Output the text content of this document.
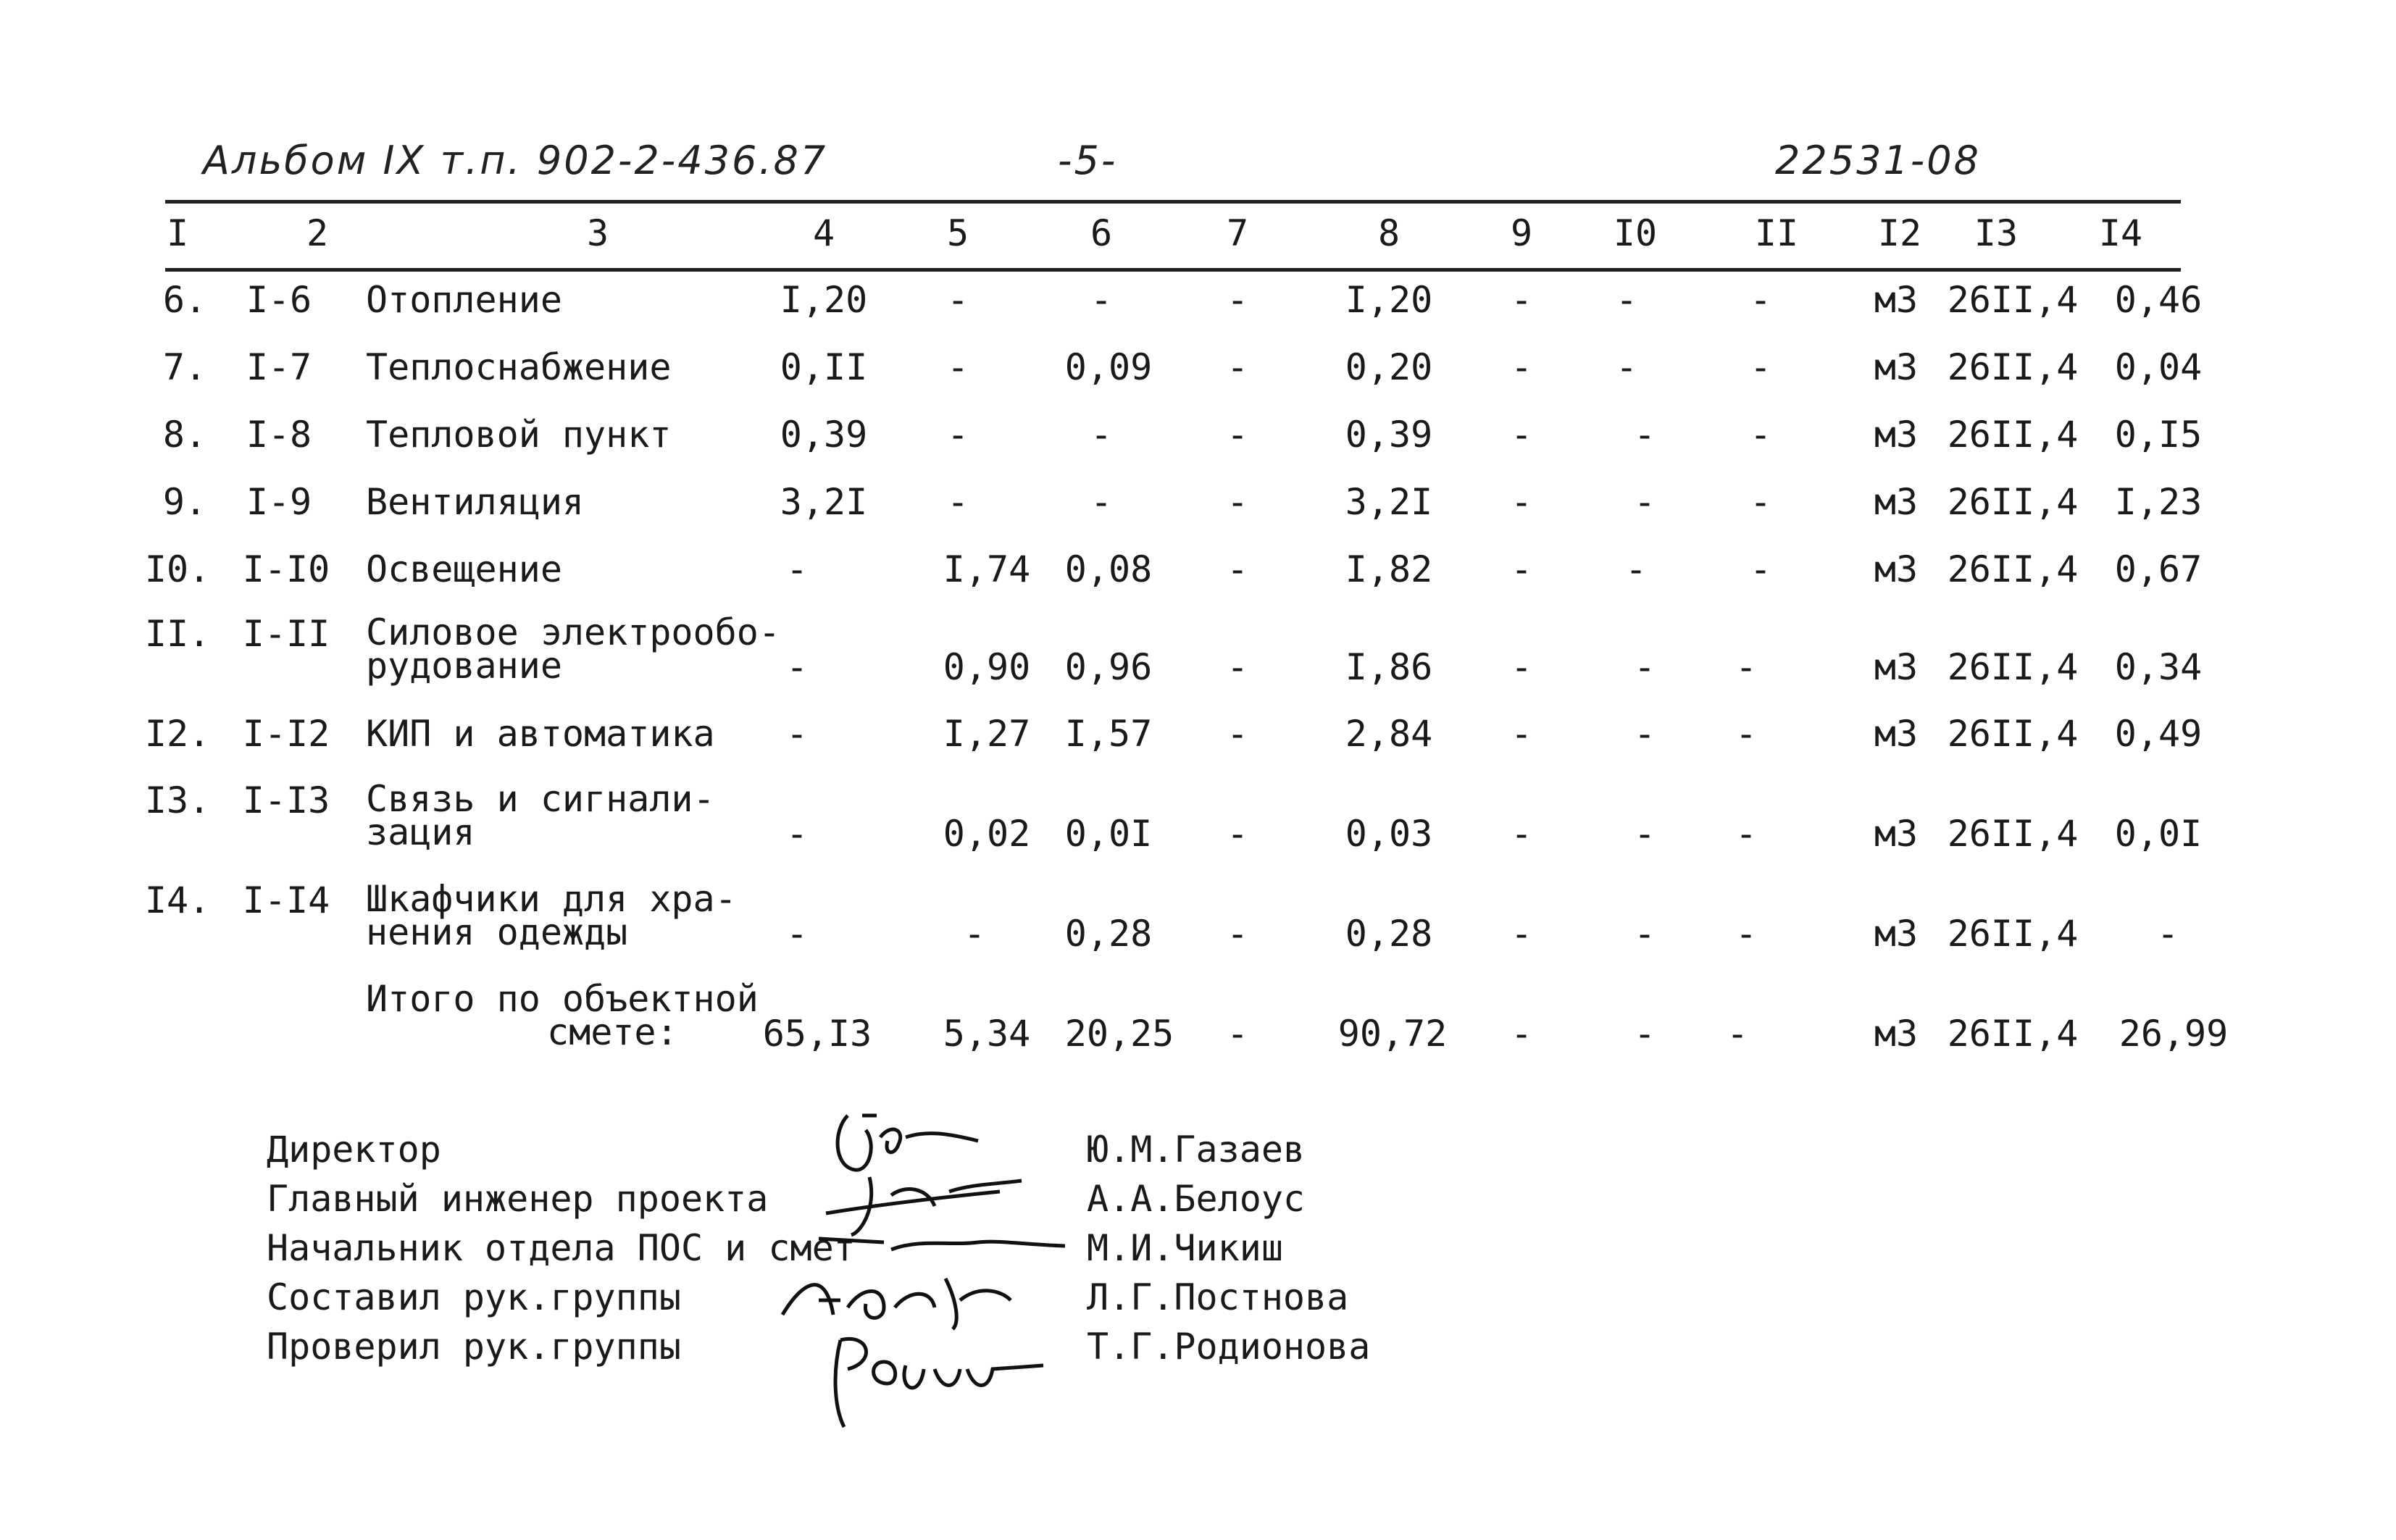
Альбом IX т.п. 902-2-436.87	-5-	22531-08
I	2	3	4	5	6	7	8	9 I0	II I2 I3 I4
6. I-6 Отопление	I,20 -	-	-	I,20 - -	-	м3 26II,4 0,46
7. I-7 Теплоснабжение	0,II -	0,09 -	0,20 - -	-	м3 26II,4 0,04
8. I-8 Тепловой пункт	0,39 -	-	-	0,39 -	-	-	м3 26II,4 0,I5
9. I-9 Вентиляция	3,2I -	-	-	3,2I -	-	-	м3 26II,4 I,23
I0. I-I0 Освещение	-	I,74 0,08 -	I,82 -	-	-	м3 26II,4 0,67
II. I-II Силовое электрообо-
рудование	-	0,90 0,96 -	I,86 -	- -	м3 26II,4 0,34
I2. I-I2 КИП и автоматика -	I,27 I,57 -	2,84 -	- -	м3 26II,4 0,49
I3. I-I3 Связь и сигнали-
зация	-	0,02 0,0I -	0,03 -	- -	м3 26II,4 0,0I
I4. I-I4 Шкафчики для хра-
нения одежды	-	- 0,28 -	0,28 -	- -	м3 26II,4 -
Итого по объектной
смете: 65,I3 5,34 20,25 - 90,72 -	- -	м3 26II,4 26,99
Директор
Главный инженер проекта
Начальник отдела ПОС и смет
Составил рук.группы
Проверил рук.группы
Ю.М.Газаев
А.А.Белоус
М.И.Чикиш
Л.Г.Постнова
Т.Г.Родионова
